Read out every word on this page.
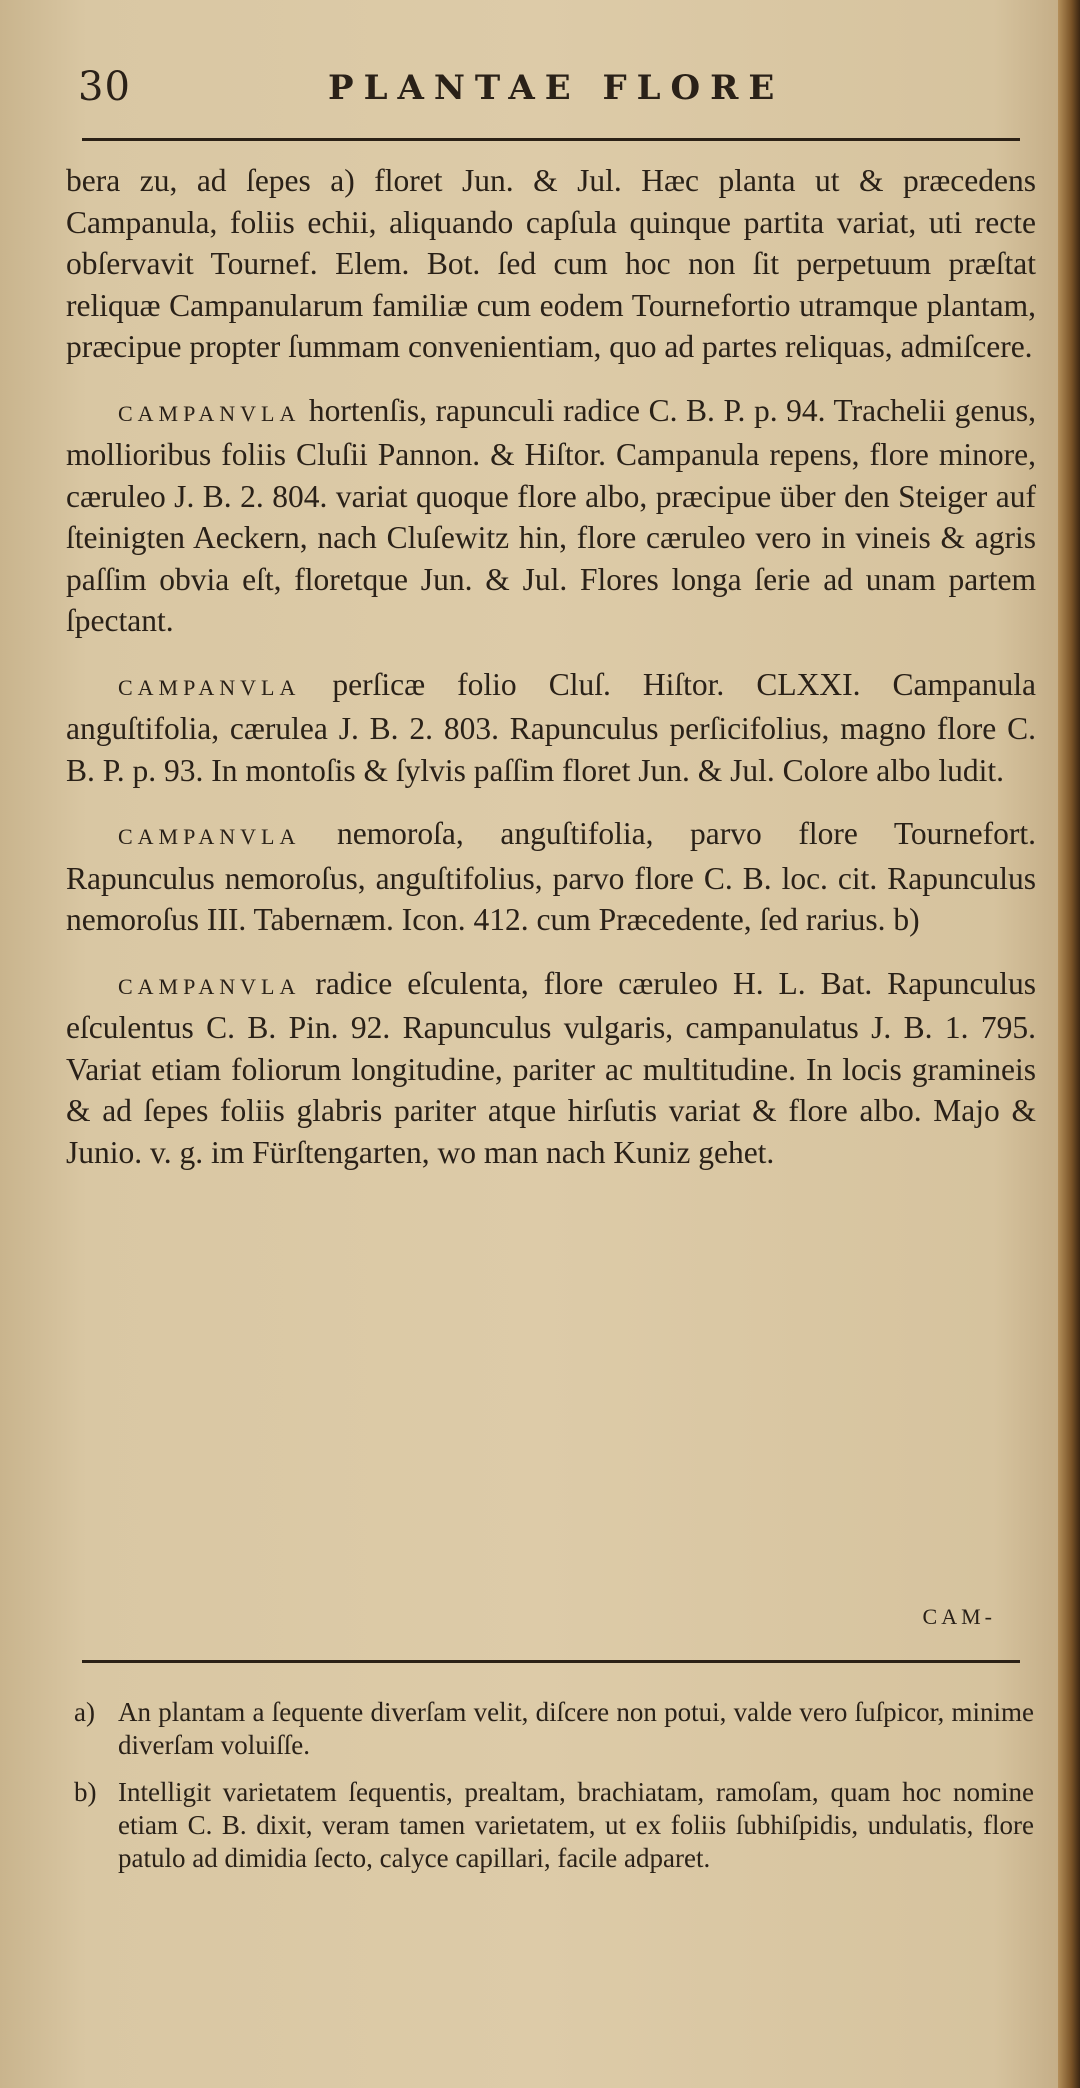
30	PLANTAE FLORE

bera zu, ad ſepes a) floret Jun. & Jul. Hæc planta ut & præcedens Campanula, foliis echii, aliquando capſula quinque partita variat, uti recte obſervavit Tournef. Elem. Bot. ſed cum hoc non ſit perpetuum præſtat reliquæ Campanularum familiæ cum eodem Tournefortio utramque plantam, præcipue propter ſummam convenientiam, quo ad partes reliquas, admiſcere.

CAMPANVLA hortenſis, rapunculi radice C. B. P. p. 94. Trachelii genus, mollioribus foliis Cluſii Pannon. & Hiſtor. Campanula repens, flore minore, cæruleo J. B. 2. 804. variat quoque flore albo, præcipue über den Steiger auf ſteinigten Aeckern, nach Cluſewitz hin, flore cæruleo vero in vineis & agris paſſim obvia eſt, floretque Jun. & Jul. Flores longa ſerie ad unam partem ſpectant.

CAMPANVLA perſicæ folio Cluſ. Hiſtor. CLXXI. Campanula anguſtifolia, cærulea J. B. 2. 803. Rapunculus perſicifolius, magno flore C. B. P. p. 93. In montoſis & ſylvis paſſim floret Jun. & Jul. Colore albo ludit.

CAMPANVLA nemoroſa, anguſtifolia, parvo flore Tournefort. Rapunculus nemoroſus, anguſtifolius, parvo flore C. B. loc. cit. Rapunculus nemoroſus III. Tabernæm. Icon. 412. cum Præcedente, ſed rarius. b)

CAMPANVLA radice eſculenta, flore cæruleo H. L. Bat. Rapunculus eſculentus C. B. Pin. 92. Rapunculus vulgaris, campanulatus J. B. 1. 795. Variat etiam foliorum longitudine, pariter ac multitudine. In locis gramineis & ad ſepes foliis glabris pariter atque hirſutis variat & flore albo. Majo & Junio. v. g. im Fürſtengarten, wo man nach Kuniz gehet.

CAM-
a) An plantam a ſequente diverſam velit, diſcere non potui, valde vero ſuſpicor, minime diverſam voluiſſe.
b) Intelligit varietatem ſequentis, prealtam, brachiatam, ramoſam, quam hoc nomine etiam C. B. dixit, veram tamen varietatem, ut ex foliis ſubhiſpidis, undulatis, flore patulo ad dimidia ſecto, calyce capillari, facile adparet.
